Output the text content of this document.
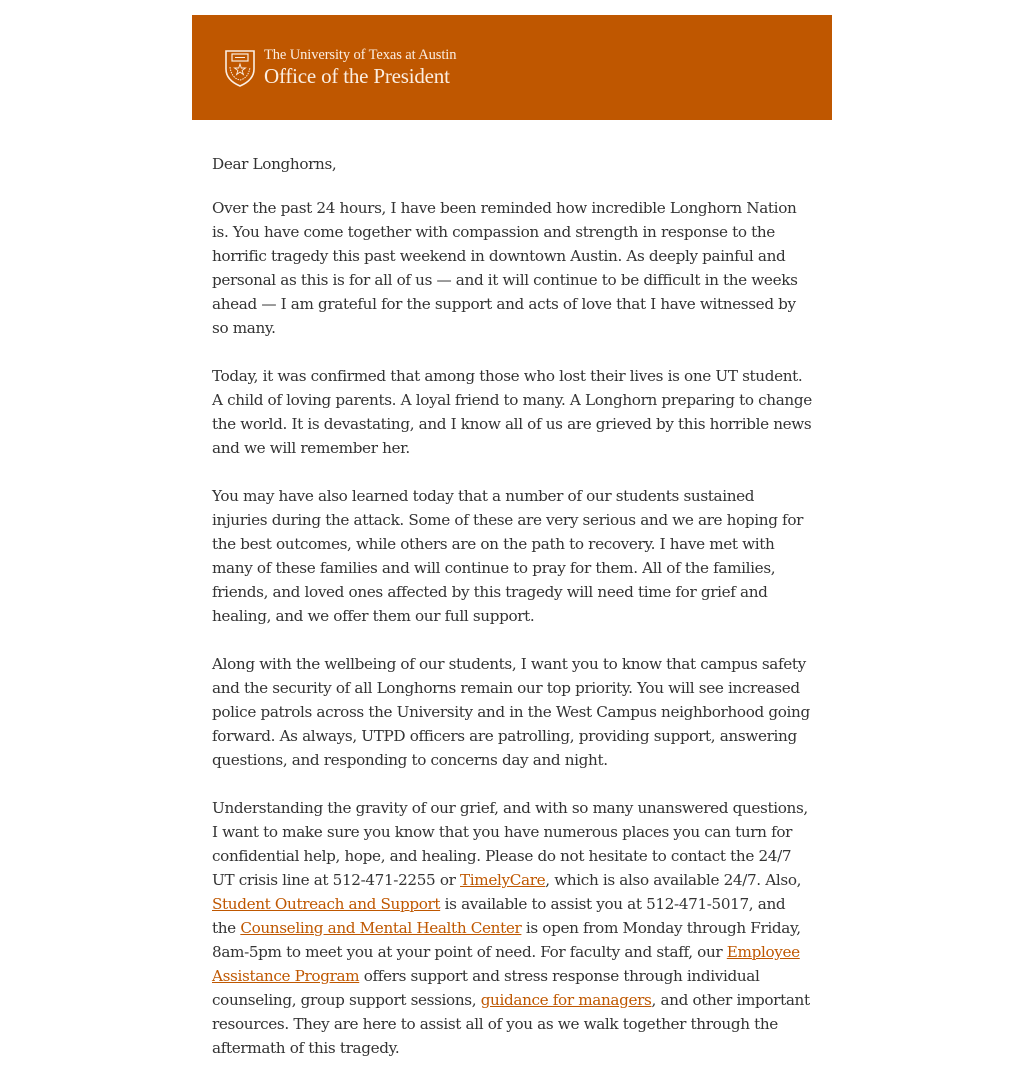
The University of Texas at Austin
Office of the President

Dear Longhorns,

Over the past 24 hours, I have been reminded how incredible Longhorn Nation is. You have come together with compassion and strength in response to the horrific tragedy this past weekend in downtown Austin. As deeply painful and personal as this is for all of us — and it will continue to be difficult in the weeks ahead — I am grateful for the support and acts of love that I have witnessed by so many.

Today, it was confirmed that among those who lost their lives is one UT student. A child of loving parents. A loyal friend to many. A Longhorn preparing to change the world. It is devastating, and I know all of us are grieved by this horrible news and we will remember her.

You may have also learned today that a number of our students sustained injuries during the attack. Some of these are very serious and we are hoping for the best outcomes, while others are on the path to recovery. I have met with many of these families and will continue to pray for them. All of the families, friends, and loved ones affected by this tragedy will need time for grief and healing, and we offer them our full support.

Along with the wellbeing of our students, I want you to know that campus safety and the security of all Longhorns remain our top priority. You will see increased police patrols across the University and in the West Campus neighborhood going forward. As always, UTPD officers are patrolling, providing support, answering questions, and responding to concerns day and night.

Understanding the gravity of our grief, and with so many unanswered questions, I want to make sure you know that you have numerous places you can turn for confidential help, hope, and healing. Please do not hesitate to contact the 24/7 UT crisis line at 512-471-2255 or TimelyCare, which is also available 24/7. Also, Student Outreach and Support is available to assist you at 512-471-5017, and the Counseling and Mental Health Center is open from Monday through Friday, 8am-5pm to meet you at your point of need. For faculty and staff, our Employee Assistance Program offers support and stress response through individual counseling, group support sessions, guidance for managers, and other important resources. They are here to assist all of you as we walk together through the aftermath of this tragedy.
